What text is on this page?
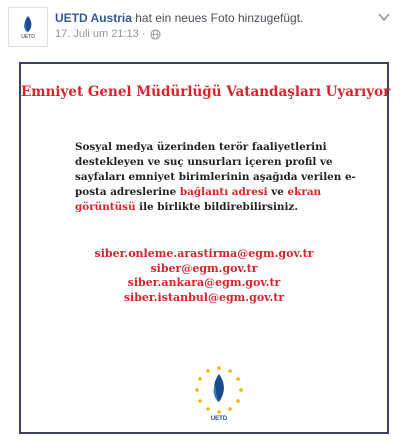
UETD
UETD Austria hat ein neues Foto hinzugefügt.
17. Juli um 21:13 ·
Emniyet Genel Müdürlüğü Vatandaşları Uyarıyor
Sosyal medya üzerinden terör faaliyetlerini destekleyen ve suç unsurları içeren profil ve sayfaları emniyet birimlerinin aşağıda verilen e-posta adreslerine bağlantı adresi ve ekran görüntüsü ile birlikte bildirebilirsiniz.
siber.onleme.arastirma@egm.gov.tr
siber@egm.gov.tr
siber.ankara@egm.gov.tr
siber.istanbul@egm.gov.tr
UETD
